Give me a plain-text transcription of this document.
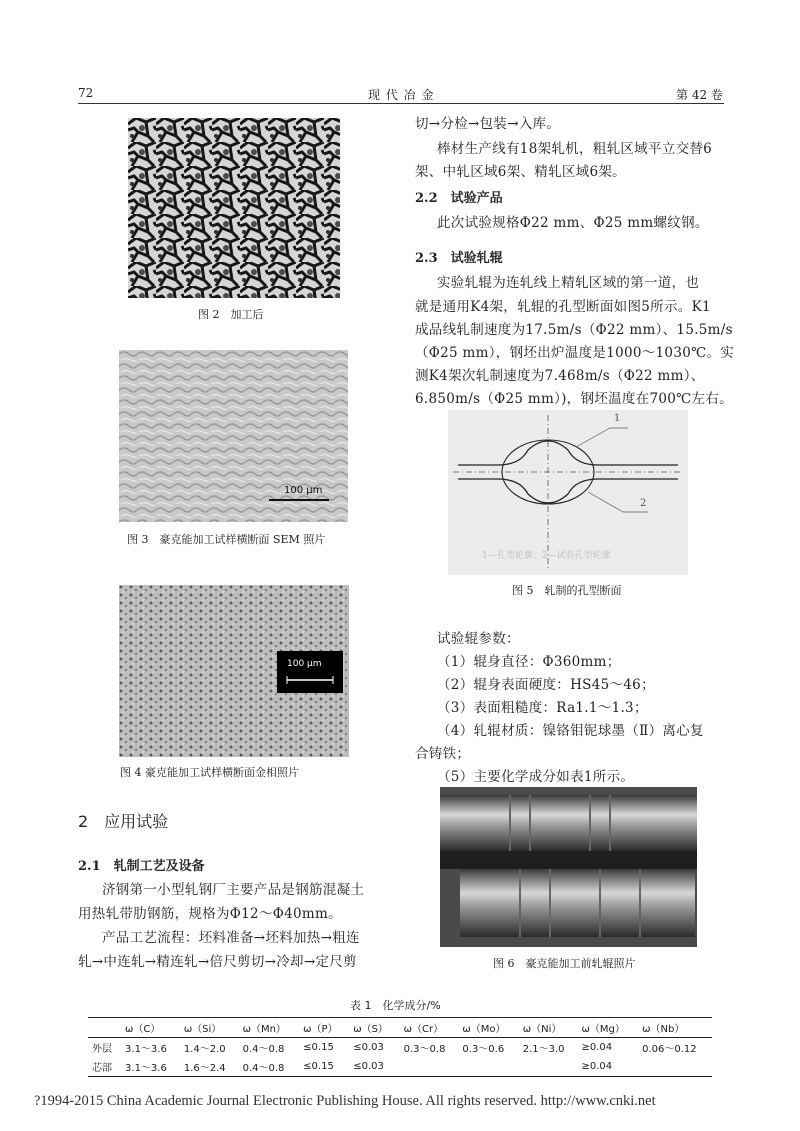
72	现 代 冶 金	第 42 卷
图 2　加工后
100 μm
图 3　豪克能加工试样横断面 SEM 照片
100 μm
图 4 豪克能加工试样横断面金相照片
2　应用试验
2.1　轧制工艺及设备
济钢第一小型轧钢厂主要产品是钢筋混凝土
用热轧带肋钢筋，规格为Φ12～Φ40mm。
产品工艺流程：坯料准备→坯料加热→粗连
轧→中连轧→精连轧→倍尺剪切→冷却→定尺剪
切→分检→包装→入库。
棒材生产线有18架轧机，粗轧区域平立交替6
架、中轧区域6架、精轧区域6架。
2.2　试验产品
此次试验规格Φ22 mm、Φ25 mm螺纹钢。
2.3　试验轧辊
实验轧辊为连轧线上精轧区域的第一道，也
就是通用K4架，轧辊的孔型断面如图5所示。K1
成品线轧制速度为17.5m/s（Φ22 mm）、15.5m/s
（Φ25 mm），钢坯出炉温度是1000～1030℃。实
测K4架次轧制速度为7.468m/s（Φ22 mm）、
6.850m/s（Φ25 mm）)，钢坯温度在700℃左右。
1
2
1—孔型轮廓；2—试验孔型轮廓
图 5　轧制的孔型断面
试验辊参数：
（1）辊身直径：Φ360mm；
（2）辊身表面硬度：HS45～46；
（3）表面粗糙度：Ra1.1～1.3；
（4）轧辊材质：镍铬钼铌球墨（Ⅱ）离心复
合铸铁；
（5）主要化学成分如表1所示。
图 6　豪克能加工前轧辊照片
表 1　化学成分/%
	ω（C）	ω（Si）	ω（Mn）	ω（P）	ω（S）	ω（Cr）	ω（Mo）	ω（Ni）	ω（Mg）	ω（Nb）
外层	3.1～3.6	1.4～2.0	0.4～0.8	≤0.15	≤0.03	0.3～0.8	0.3～0.6	2.1～3.0	≥0.04	0.06～0.12
芯部	3.1～3.6	1.6～2.4	0.4～0.8	≤0.15	≤0.03				≥0.04	
?1994-2015 China Academic Journal Electronic Publishing House. All rights reserved. http://www.cnki.net
